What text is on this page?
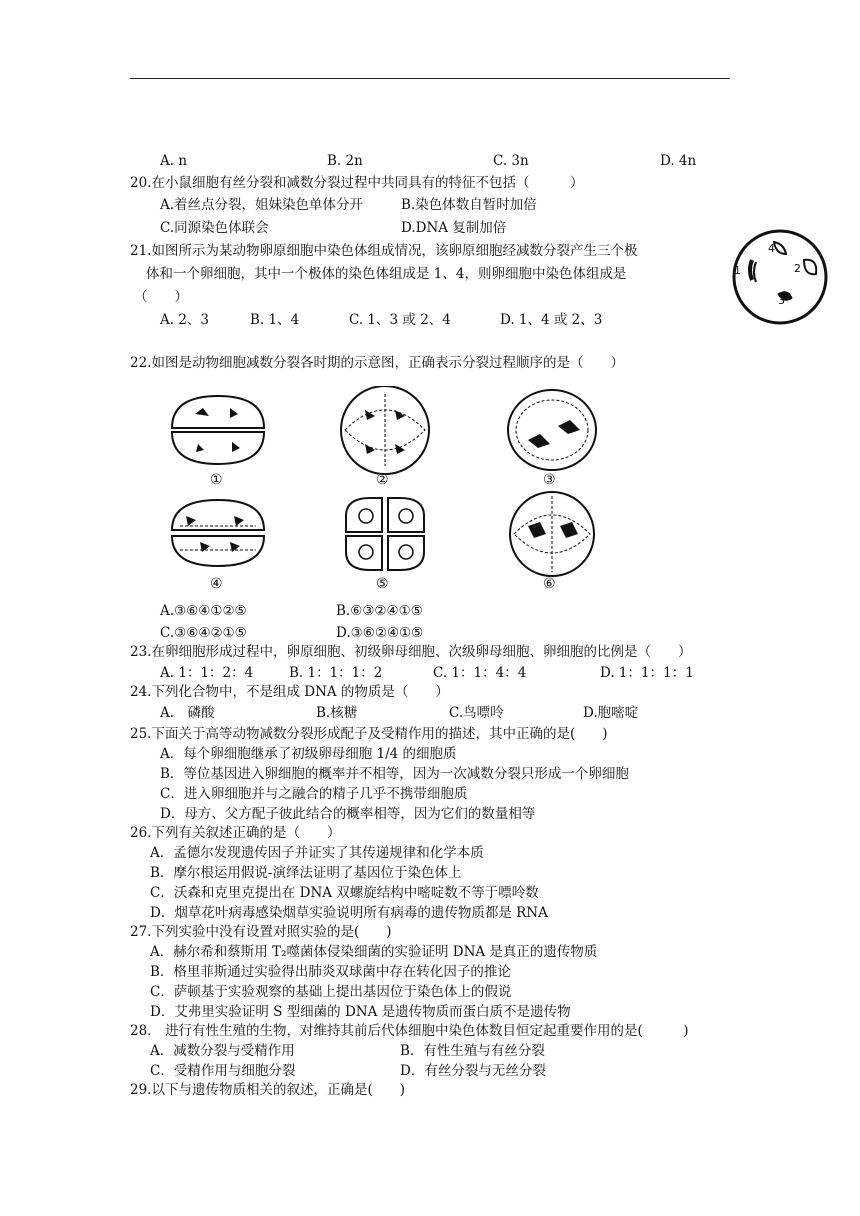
A. n	B. 2n	C. 3n	D. 4n
20.在小鼠细胞有丝分裂和减数分裂过程中共同具有的特征不包括（　　　）
A.着丝点分裂，姐妹染色单体分开	B.染色体数自暂时加倍
C.同源染色体联会	D.DNA 复制加倍
21.如图所示为某动物卵原细胞中染色体组成情况，该卵原细胞经减数分裂产生三个极
体和一个卵细胞，其中一个极体的染色体组成是 1、4，则卵细胞中染色体组成是
（　　）
A. 2、3	B. 1、4	C. 1、3 或 2、4	D. 1、4 或 2、3
4
1	2
3
22.如图是动物细胞减数分裂各时期的示意图，正确表示分裂过程顺序的是（　　）
①	②	③
④	⑤	⑥
A.③⑥④①②⑤	B.⑥③②④①⑤
C.③⑥④②①⑤	D.③⑥②④①⑤
23.在卵细胞形成过程中，卵原细胞、初级卵母细胞、次级卵母细胞、卵细胞的比例是（　　）
A. 1：1：2：4	B. 1：1：1：2	C. 1：1：4：4	D. 1：1：1：1
24.下列化合物中，不是组成 DNA 的物质是（　　）
A.　磷酸	B.核糖	C.鸟嘌呤	D.胞嘧啶
25.下面关于高等动物减数分裂形成配子及受精作用的描述，其中正确的是(　　)
A．每个卵细胞继承了初级卵母细胞 1/4 的细胞质
B．等位基因进入卵细胞的概率并不相等，因为一次减数分裂只形成一个卵细胞
C．进入卵细胞并与之融合的精子几乎不携带细胞质
D．母方、父方配子彼此结合的概率相等，因为它们的数量相等
26.下列有关叙述正确的是（　　）
A．孟德尔发现遗传因子并证实了其传递规律和化学本质
B．摩尔根运用假说-演绎法证明了基因位于染色体上
C．沃森和克里克提出在 DNA 双螺旋结构中嘧啶数不等于嘌呤数
D．烟草花叶病毒感染烟草实验说明所有病毒的遗传物质都是 RNA
27.下列实验中没有设置对照实验的是(　　)
A．赫尔希和蔡斯用 T₂噬菌体侵染细菌的实验证明 DNA 是真正的遗传物质
B．格里菲斯通过实验得出肺炎双球菌中存在转化因子的推论
C．萨顿基于实验观察的基础上提出基因位于染色体上的假说
D．艾弗里实验证明 S 型细菌的 DNA 是遗传物质而蛋白质不是遗传物
28.　进行有性生殖的生物，对维持其前后代体细胞中染色体数目恒定起重要作用的是(　　　)
A．减数分裂与受精作用	B．有性生殖与有丝分裂
C．受精作用与细胞分裂	D．有丝分裂与无丝分裂
29.以下与遗传物质相关的叙述，正确是(　　)
